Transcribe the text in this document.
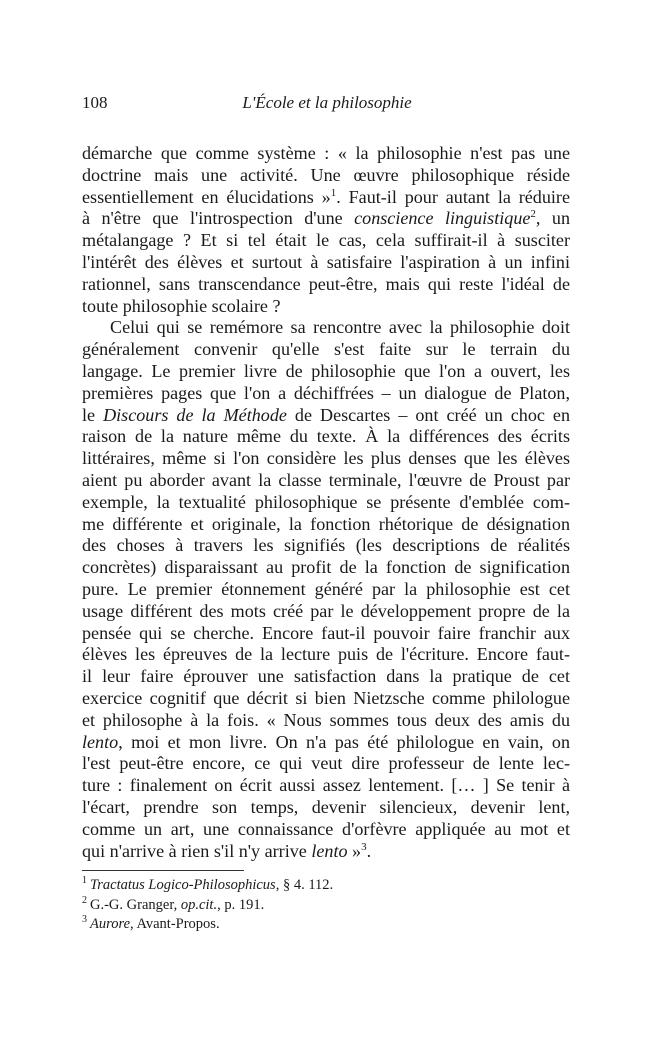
108	L'École et la philosophie
démarche que comme système : « la philosophie n'est pas une
doctrine mais une activité. Une œuvre philosophique réside
essentiellement en élucidations »$^1$. Faut-il pour autant la réduire
à n'être que l'introspection d'une conscience linguistique$^2$, un
métalangage ? Et si tel était le cas, cela suffirait-il à susciter
l'intérêt des élèves et surtout à satisfaire l'aspiration à un infini
rationnel, sans transcendance peut-être, mais qui reste l'idéal de
toute philosophie scolaire ?
Celui qui se remémore sa rencontre avec la philosophie doit
généralement convenir qu'elle s'est faite sur le terrain du
langage. Le premier livre de philosophie que l'on a ouvert, les
premières pages que l'on a déchiffrées – un dialogue de Platon,
le Discours de la Méthode de Descartes – ont créé un choc en
raison de la nature même du texte. À la différences des écrits
littéraires, même si l'on considère les plus denses que les élèves
aient pu aborder avant la classe terminale, l'œuvre de Proust par
exemple, la textualité philosophique se présente d'emblée com-
me différente et originale, la fonction rhétorique de désignation
des choses à travers les signifiés (les descriptions de réalités
concrètes) disparaissant au profit de la fonction de signification
pure. Le premier étonnement généré par la philosophie est cet
usage différent des mots créé par le développement propre de la
pensée qui se cherche. Encore faut-il pouvoir faire franchir aux
élèves les épreuves de la lecture puis de l'écriture. Encore faut-
il leur faire éprouver une satisfaction dans la pratique de cet
exercice cognitif que décrit si bien Nietzsche comme philologue
et philosophe à la fois. « Nous sommes tous deux des amis du
lento, moi et mon livre. On n'a pas été philologue en vain, on
l'est peut-être encore, ce qui veut dire professeur de lente lec-
ture : finalement on écrit aussi assez lentement. [… ] Se tenir à
l'écart, prendre son temps, devenir silencieux, devenir lent,
comme un art, une connaissance d'orfèvre appliquée au mot et
qui n'arrive à rien s'il n'y arrive lento »$^3$.
$^1$ Tractatus Logico-Philosophicus, § 4. 112.
$^2$ G.-G. Granger, op.cit., p. 191.
$^3$ Aurore, Avant-Propos.
